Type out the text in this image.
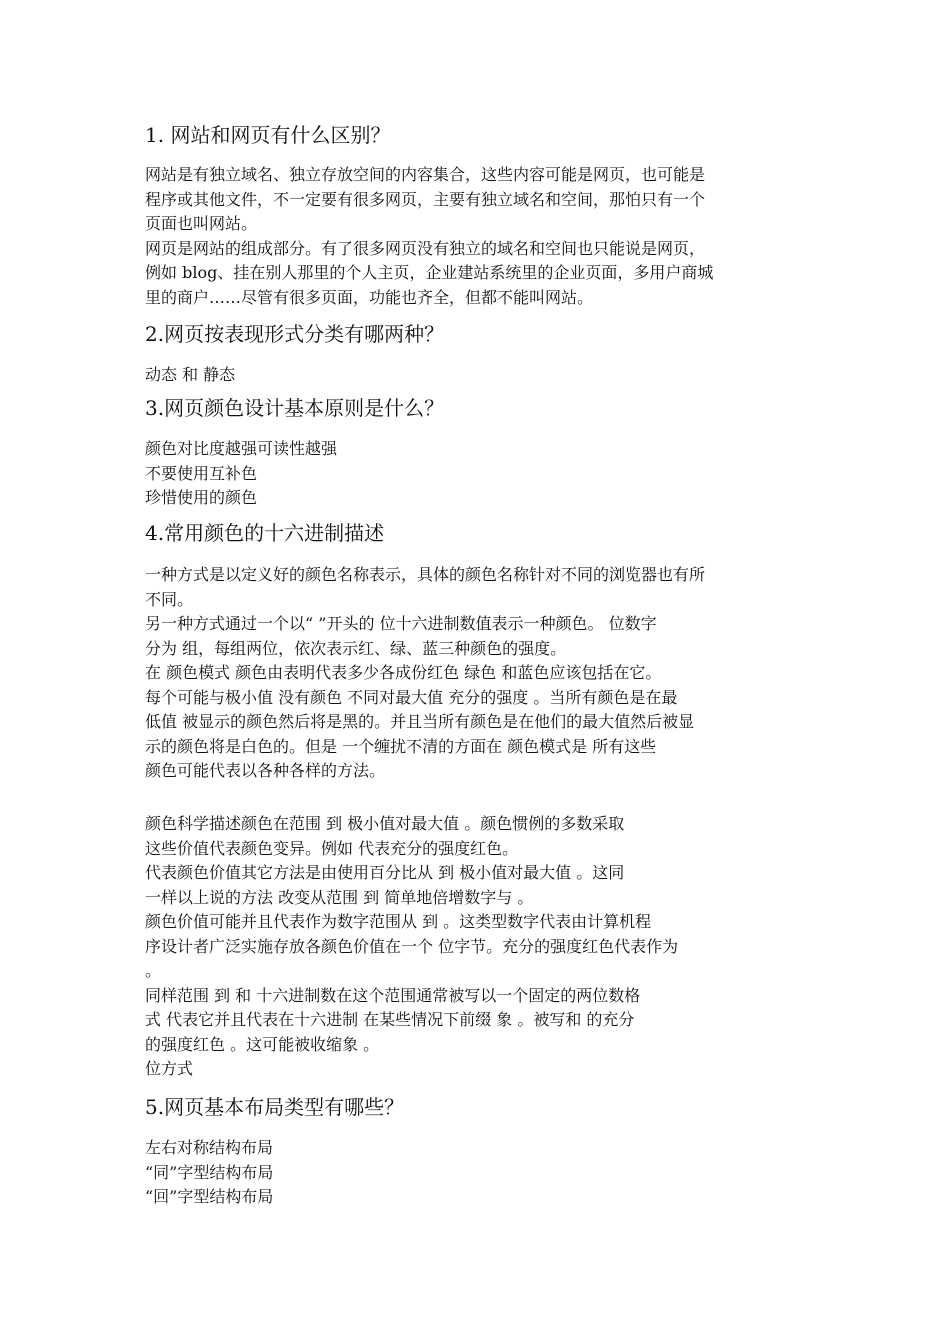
1. 网站和网页有什么区别？
网站是有独立域名、独立存放空间的内容集合，这些内容可能是网页，也可能是
程序或其他文件，不一定要有很多网页，主要有独立域名和空间，那怕只有一个
页面也叫网站。
网页是网站的组成部分。有了很多网页没有独立的域名和空间也只能说是网页，
例如 blog、挂在别人那里的个人主页，企业建站系统里的企业页面，多用户商城
里的商户……尽管有很多页面，功能也齐全，但都不能叫网站。
2.网页按表现形式分类有哪两种？
动态 和 静态
3.网页颜色设计基本原则是什么？
颜色对比度越强可读性越强
不要使用互补色
珍惜使用的颜色
4.常用颜色的十六进制描述
一种方式是以定义好的颜色名称表示，具体的颜色名称针对不同的浏览器也有所
不同。
另一种方式通过一个以“ ”开头的 位十六进制数值表示一种颜色。 位数字
分为 组，每组两位，依次表示红、绿、蓝三种颜色的强度。
在 颜色模式 颜色由表明代表多少各成份红色 绿色 和蓝色应该包括在它。
每个可能与极小值 没有颜色 不同对最大值 充分的强度 。当所有颜色是在最
低值 被显示的颜色然后将是黑的。并且当所有颜色是在他们的最大值然后被显
示的颜色将是白色的。但是 一个缠扰不清的方面在 颜色模式是 所有这些
颜色可能代表以各种各样的方法。
颜色科学描述颜色在范围 到 极小值对最大值 。颜色惯例的多数采取
这些价值代表颜色变异。例如 代表充分的强度红色。
代表颜色价值其它方法是由使用百分比从 到 极小值对最大值 。这同
一样以上说的方法 改变从范围 到 简单地倍增数字与 。
颜色价值可能并且代表作为数字范围从 到 。这类型数字代表由计算机程
序设计者广泛实施存放各颜色价值在一个 位字节。充分的强度红色代表作为
。
同样范围 到 和 十六进制数在这个范围通常被写以一个固定的两位数格
式 代表它并且代表在十六进制 在某些情况下前缀 象 。被写和 的充分
的强度红色 。这可能被收缩象 。
位方式
5.网页基本布局类型有哪些？
左右对称结构布局
“同”字型结构布局
“回”字型结构布局
